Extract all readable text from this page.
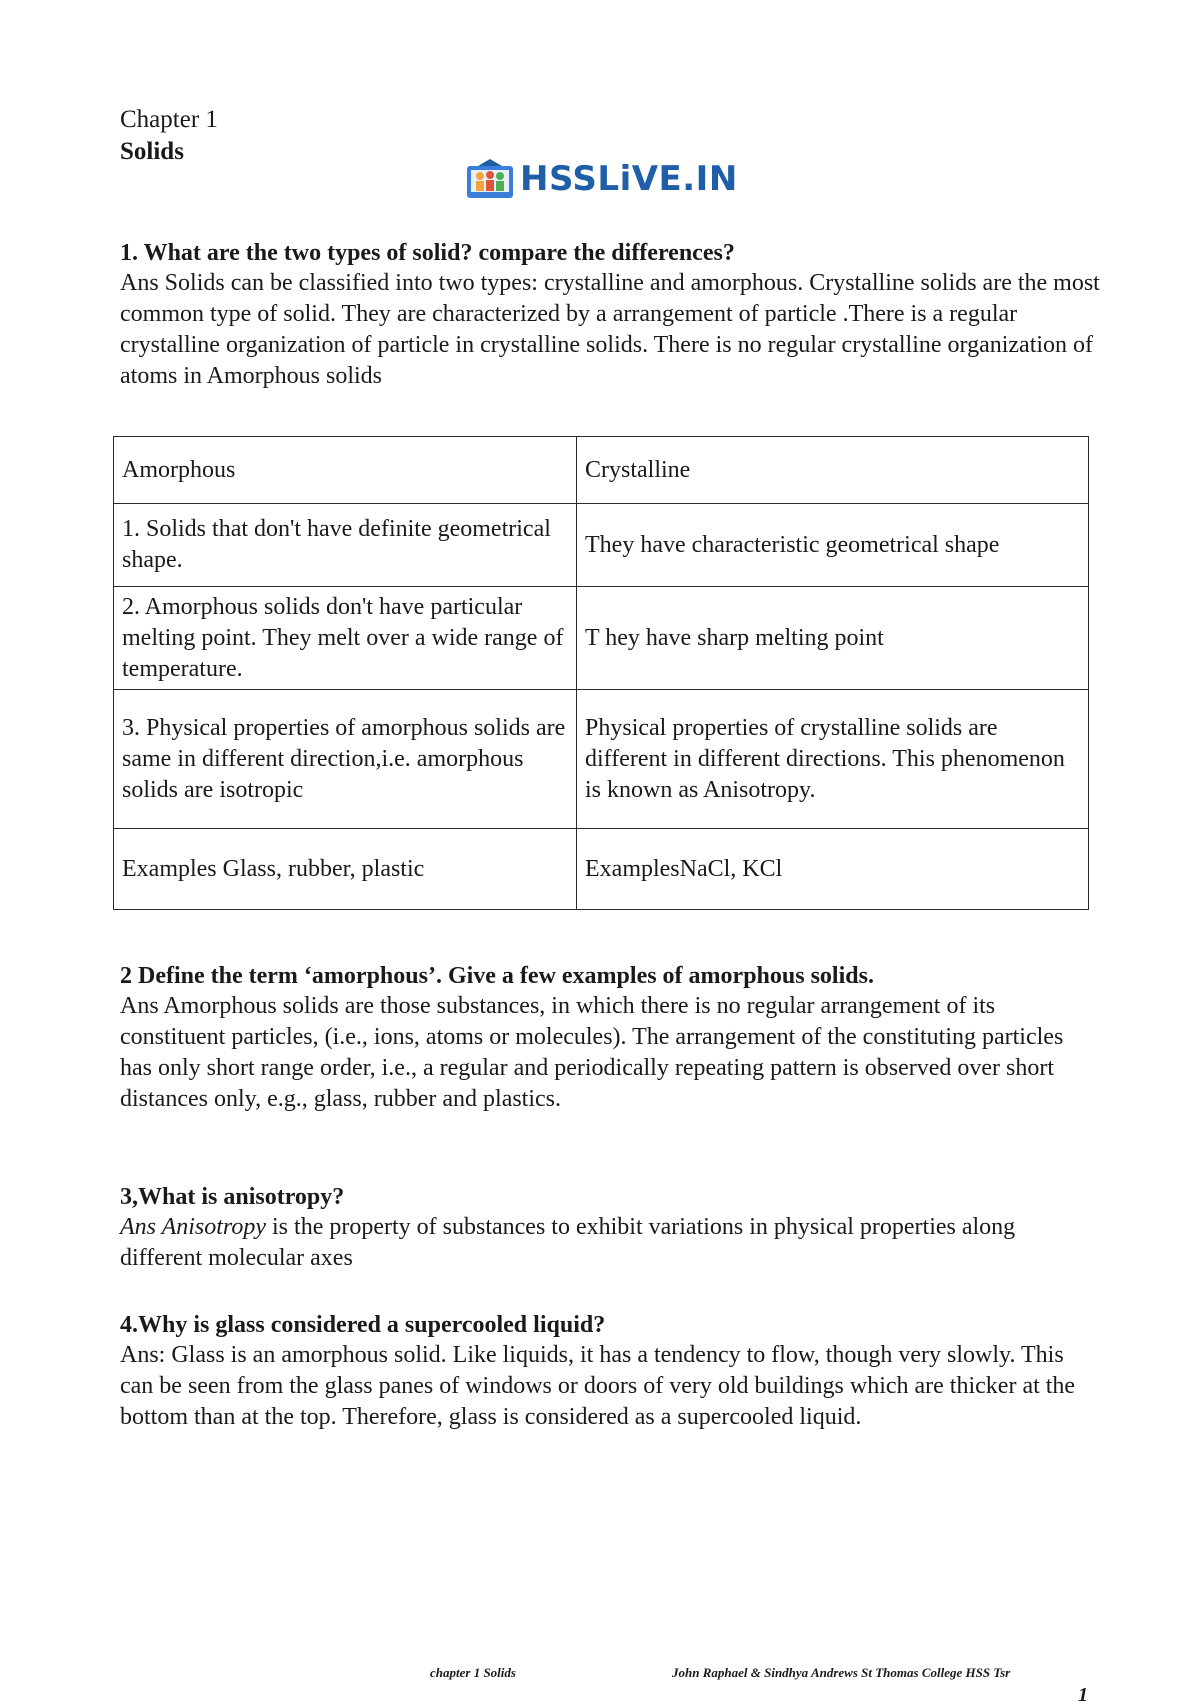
Chapter 1
Solids
HSSLiVE.IN
1. What are the two types of solid? compare the differences?

Ans Solids can be classified into two types: crystalline and amorphous. Crystalline solids are the most common type of solid. They are characterized by a arrangement of particle .There is a regular crystalline organization of particle in crystalline solids. There is no regular crystalline organization of atoms in Amorphous solids

Amorphous	Crystalline
1. Solids that don't have definite geometrical shape.	They have characteristic geometrical shape
2. Amorphous solids don't have particular melting point. They melt over a wide range of temperature.	T hey have sharp melting point
3. Physical properties of amorphous solids are same in different direction,i.e. amorphous solids are isotropic	Physical properties of crystalline solids are different in different directions. This phenomenon is known as Anisotropy.
Examples Glass, rubber, plastic	ExamplesNaCl, KCl
2 Define the term ‘amorphous’. Give a few examples of amorphous solids.

Ans Amorphous solids are those substances, in which there is no regular arrangement of its constituent particles, (i.e., ions, atoms or molecules). The arrangement of the constituting particles has only short range order, i.e., a regular and periodically repeating pattern is observed over short distances only, e.g., glass, rubber and plastics.

3,What is anisotropy?

Ans Anisotropy is the property of substances to exhibit variations in physical properties along different molecular axes

4.Why is glass considered a supercooled liquid?

Ans: Glass is an amorphous solid. Like liquids, it has a tendency to flow, though very slowly. This can be seen from the glass panes of windows or doors of very old buildings which are thicker at the bottom than at the top. Therefore, glass is considered as a supercooled liquid.

chapter 1 Solids	John Raphael & Sindhya Andrews St Thomas College HSS Tsr
1
